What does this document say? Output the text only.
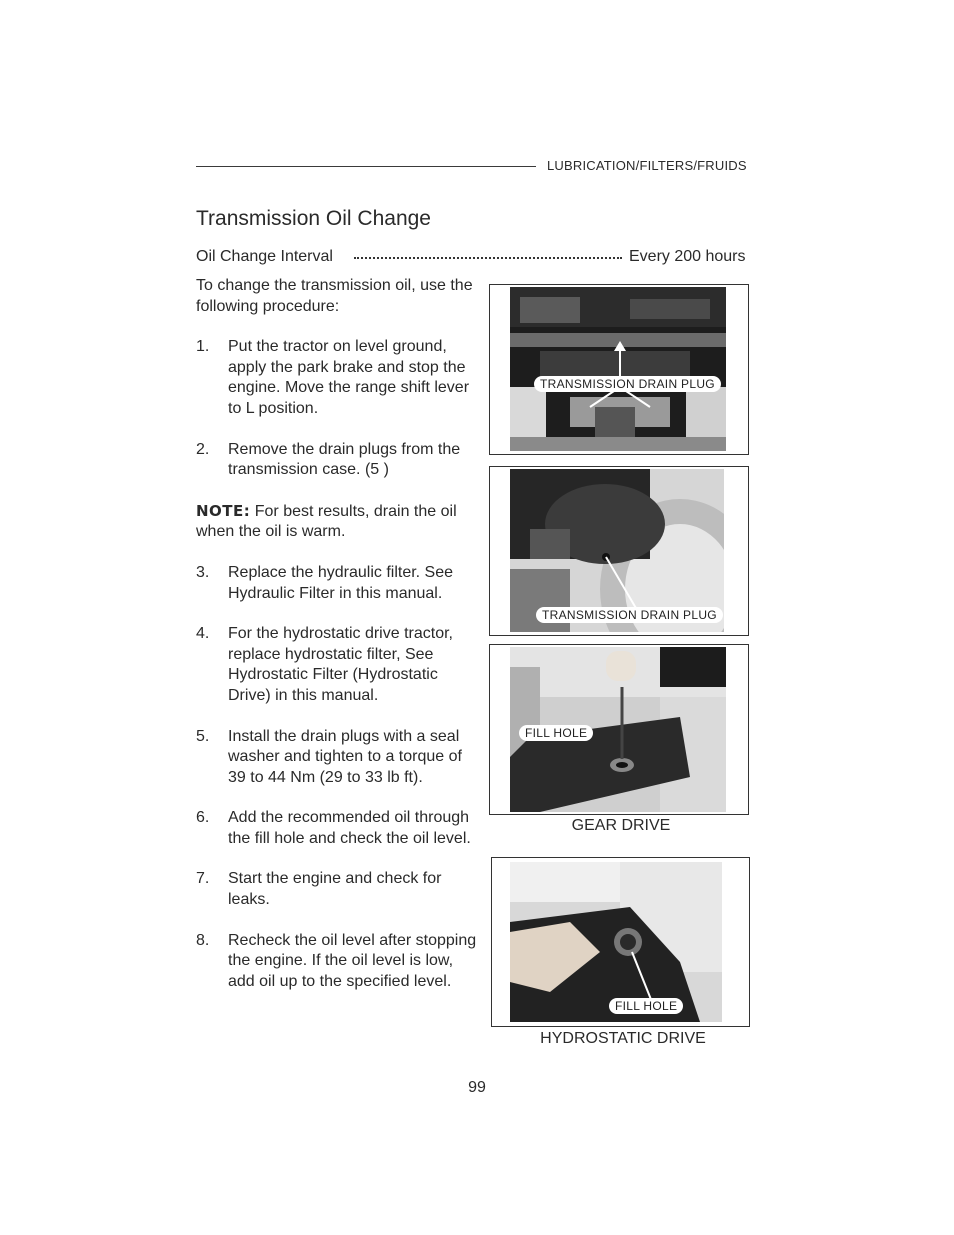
LUBRICATION/FILTERS/FRUIDS
Transmission Oil Change
Oil Change Interval	Every 200 hours

To change the transmission oil, use the following procedure:

1. Put the tractor on level ground, apply the park brake and stop the engine. Move the range shift lever to L position.
2. Remove the drain plugs from the transmission case. (5 )

NOTE: For best results, drain the oil when the oil is warm.

3. Replace the hydraulic filter. See Hydraulic Filter in this manual.
4. For the hydrostatic drive tractor, replace hydrostatic filter, See Hydrostatic Filter (Hydrostatic Drive) in this manual.
5. Install the drain plugs with a seal washer and tighten to a torque of 39 to 44 Nm (29 to 33 lb ft).
6. Add the recommended oil through the fill hole and check the oil level.
7. Start the engine and check for leaks.
8. Recheck the oil level after stopping the engine. If the oil level is low, add oil up to the specified level.
TRANSMISSION DRAIN PLUG
TRANSMISSION DRAIN PLUG
FILL HOLE
GEAR DRIVE
FILL HOLE
HYDROSTATIC DRIVE
99
